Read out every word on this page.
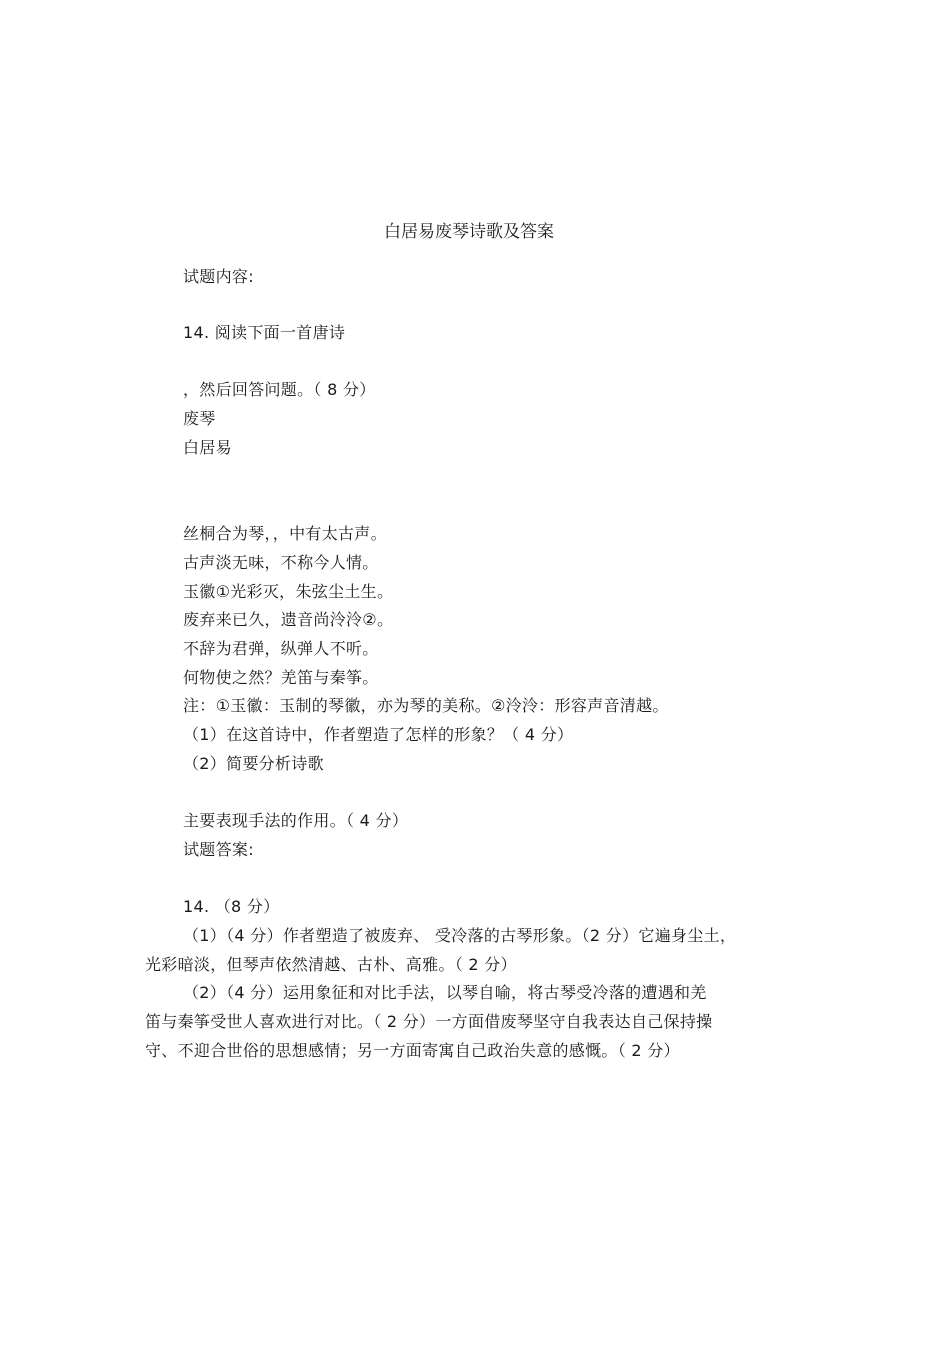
白居易废琴诗歌及答案
试题内容:
14. 阅读下面一首唐诗
，然后回答问题。（ 8 分）
废琴
白居易
丝桐合为琴，，中有太古声。
古声淡无味，不称今人情。
玉徽①光彩灭，朱弦尘土生。
废弃来已久，遗音尚泠泠②。
不辞为君弹，纵弹人不听。
何物使之然？羌笛与秦筝。
注：①玉徽：玉制的琴徽，亦为琴的美称。②泠泠：形容声音清越。
（1）在这首诗中，作者塑造了怎样的形象？（ 4 分）
（2）简要分析诗歌
主要表现手法的作用。（ 4 分）
试题答案:
14. （8 分）
（1）（4 分）作者塑造了被废弃、 受冷落的古琴形象。（2 分）它遍身尘土，
光彩暗淡，但琴声依然清越、古朴、高雅。（ 2 分）
（2）（4 分）运用象征和对比手法，以琴自喻，将古琴受冷落的遭遇和羌
笛与秦筝受世人喜欢进行对比。（ 2 分）一方面借废琴坚守自我表达自己保持操
守、不迎合世俗的思想感情；另一方面寄寓自己政治失意的感慨。（ 2 分）
